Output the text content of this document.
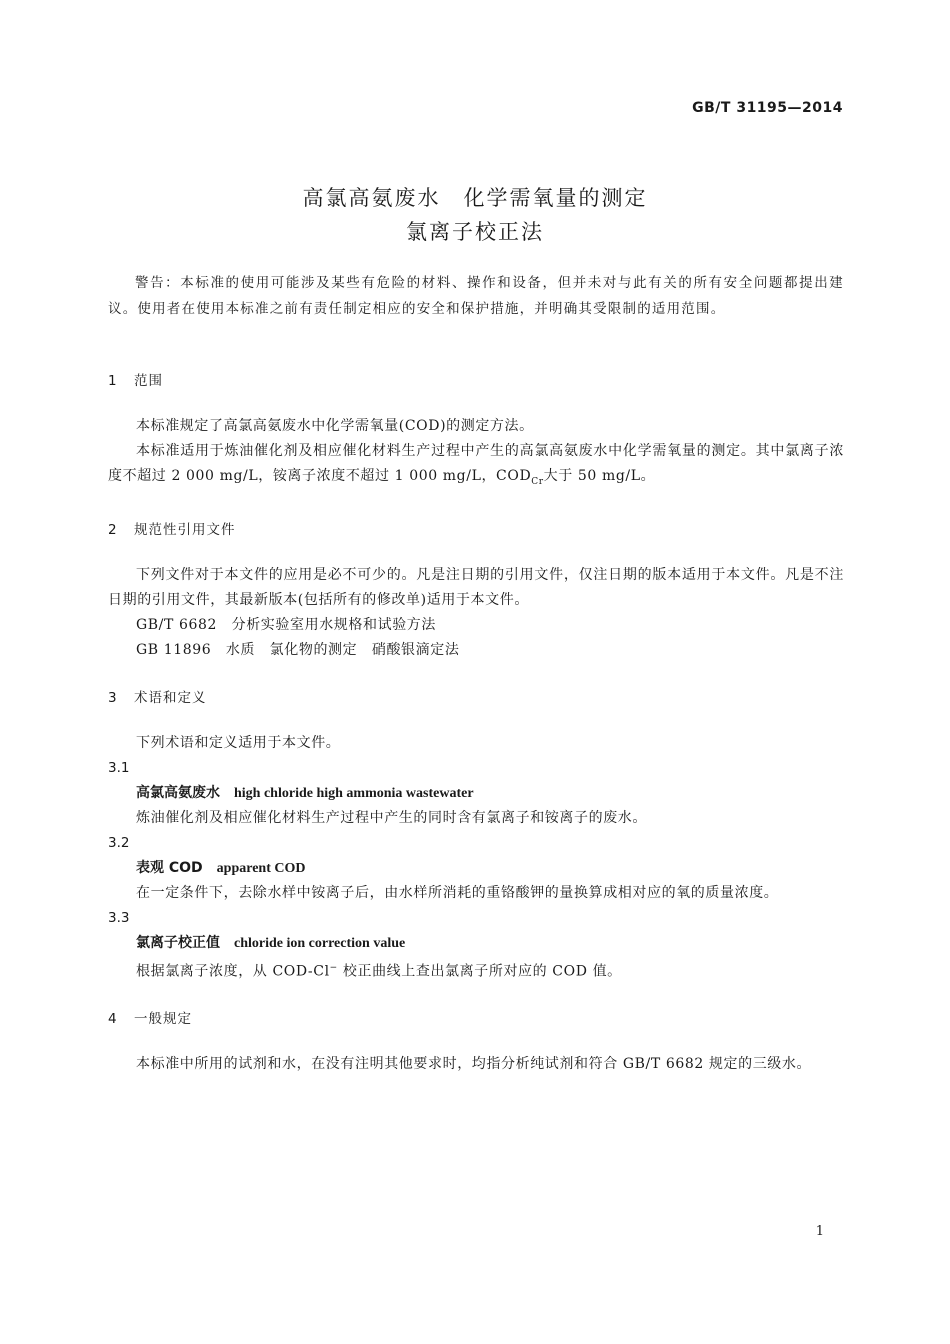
GB/T 31195—2014
高氯高氨废水　化学需氧量的测定
氯离子校正法

警告：本标准的使用可能涉及某些有危险的材料、操作和设备，但并未对与此有关的所有安全问题都提出建议。使用者在使用本标准之前有责任制定相应的安全和保护措施，并明确其受限制的适用范围。

1 范围

本标准规定了高氯高氨废水中化学需氧量(COD)的测定方法。

本标准适用于炼油催化剂及相应催化材料生产过程中产生的高氯高氨废水中化学需氧量的测定。其中氯离子浓度不超过 2 000 mg/L，铵离子浓度不超过 1 000 mg/L，$COD_{Cr}$大于 50 mg/L。

2 规范性引用文件

下列文件对于本文件的应用是必不可少的。凡是注日期的引用文件，仅注日期的版本适用于本文件。凡是不注日期的引用文件，其最新版本(包括所有的修改单)适用于本文件。

GB/T 6682　分析实验室用水规格和试验方法

GB 11896　水质　氯化物的测定　硝酸银滴定法

3 术语和定义

下列术语和定义适用于本文件。

3.1

高氯高氨废水 high chloride high ammonia wastewater

炼油催化剂及相应催化材料生产过程中产生的同时含有氯离子和铵离子的废水。

3.2

表观 COD apparent COD

在一定条件下，去除水样中铵离子后，由水样所消耗的重铬酸钾的量换算成相对应的氧的质量浓度。

3.3

氯离子校正值 chloride ion correction value

根据氯离子浓度，从 COD-Cl− 校正曲线上查出氯离子所对应的 COD 值。

4 一般规定

本标准中所用的试剂和水，在没有注明其他要求时，均指分析纯试剂和符合 GB/T 6682 规定的三级水。

1
